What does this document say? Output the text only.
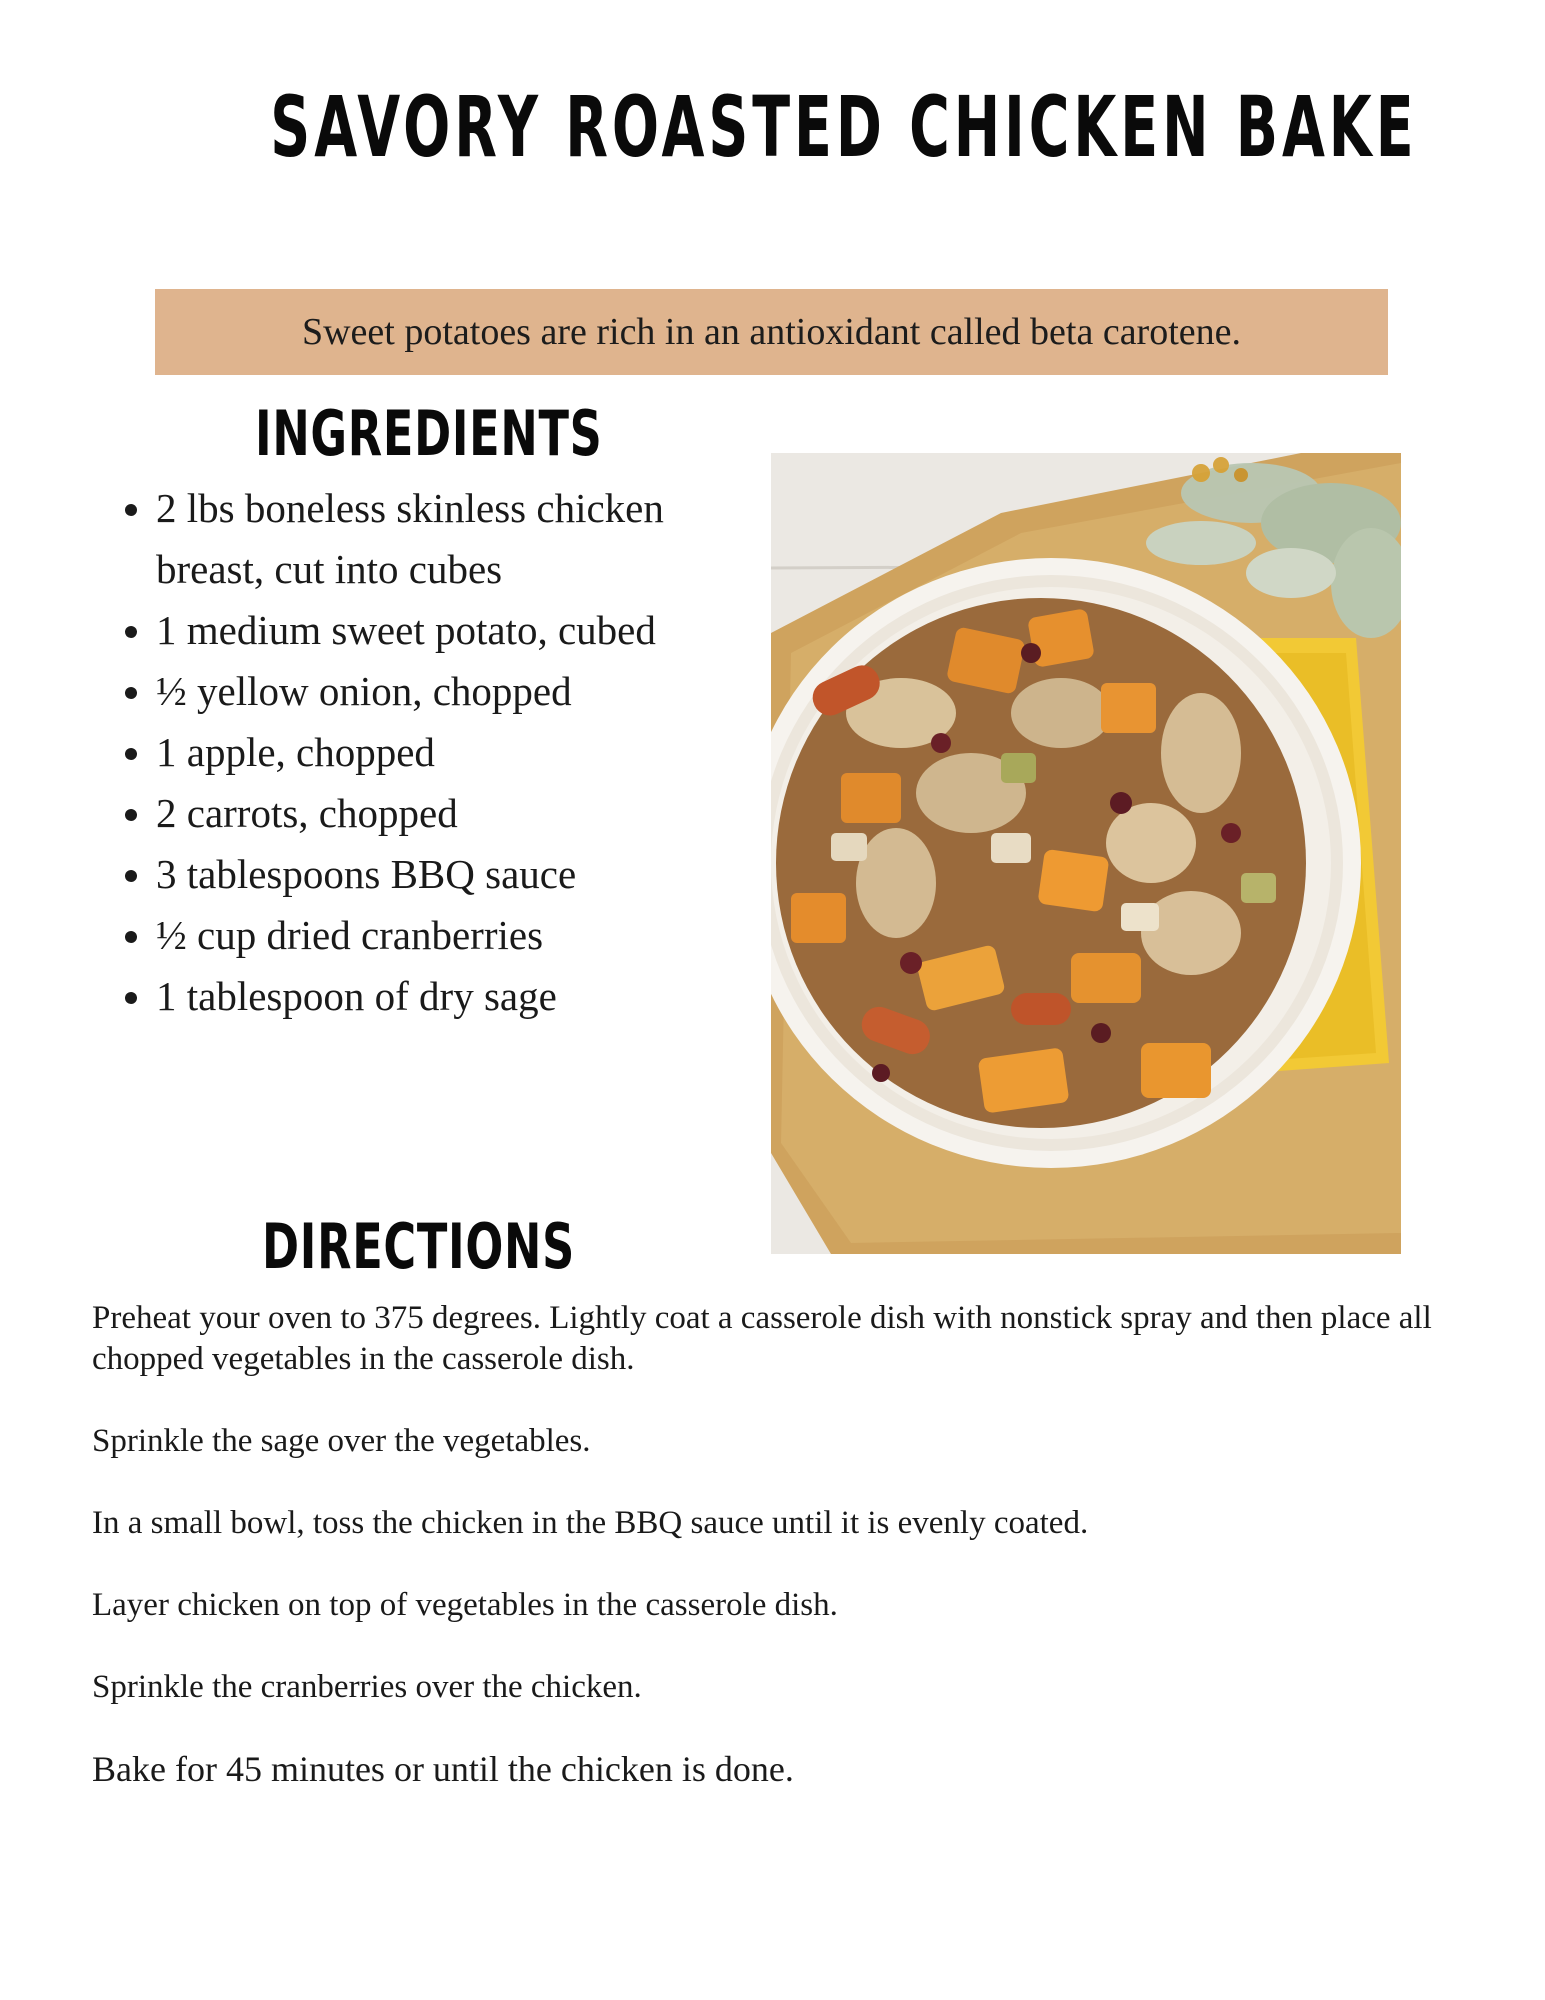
SAVORY ROASTED CHICKEN BAKE
Sweet potatoes are rich in an antioxidant called beta carotene.
INGREDIENTS
• 2 lbs boneless skinless chicken breast, cut into cubes
• 1 medium sweet potato, cubed
• ½ yellow onion, chopped
• 1 apple, chopped
• 2 carrots, chopped
• 3 tablespoons BBQ sauce
• ½ cup dried cranberries
• 1 tablespoon of dry sage
DIRECTIONS

Preheat your oven to 375 degrees. Lightly coat a casserole dish with nonstick spray and then place all chopped vegetables in the casserole dish.

Sprinkle the sage over the vegetables.

In a small bowl, toss the chicken in the BBQ sauce until it is evenly coated.

Layer chicken on top of vegetables in the casserole dish.

Sprinkle the cranberries over the chicken.

Bake for 45 minutes or until the chicken is done.
